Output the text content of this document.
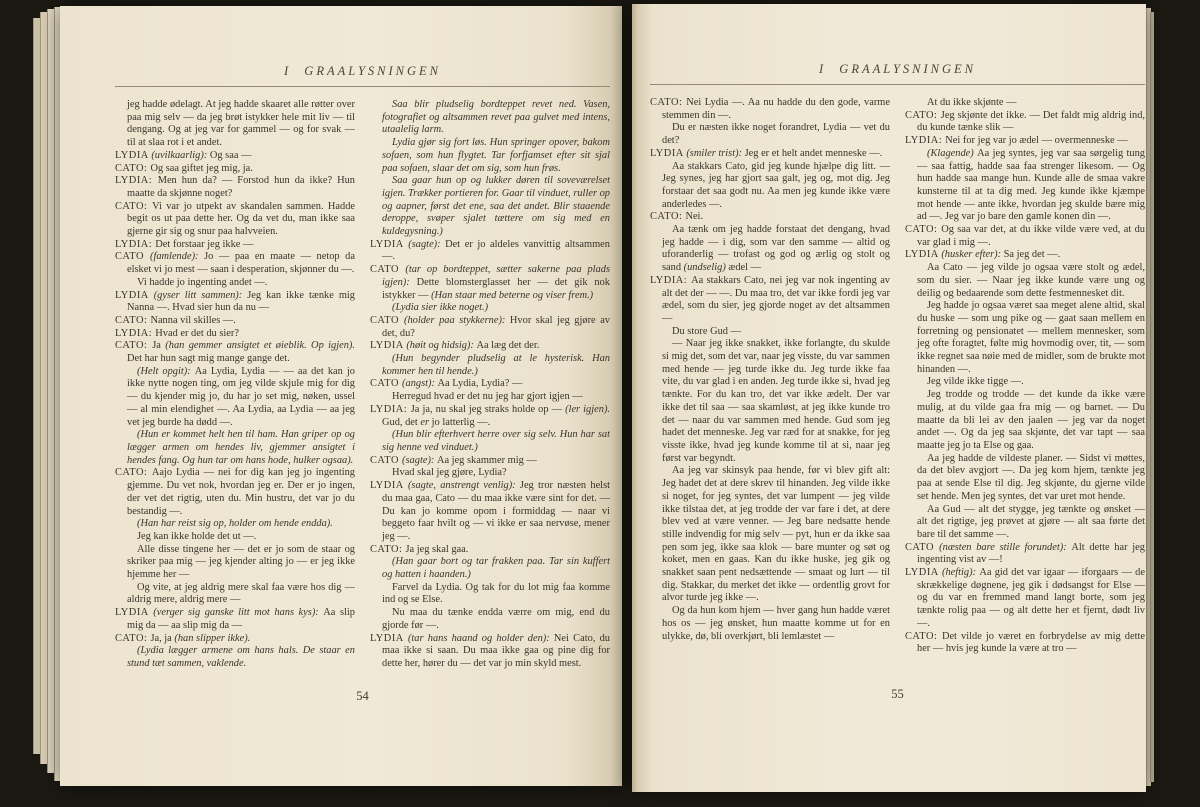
I GRAALYSNINGEN

jeg hadde ødelagt. At jeg hadde skaaret alle røtter over paa mig selv — da jeg brøt istykker hele mit liv — til dengang. Og at jeg var for gammel — og for svak — til at slaa rot i et andet.

LYDIA (uvilkaarlig): Og saa —

CATO: Og saa giftet jeg mig, ja.

LYDIA: Men hun da? — Forstod hun da ikke? Hun maatte da skjønne noget?

CATO: Vi var jo utpekt av skandalen sammen. Hadde begit os ut paa dette her. Og da vet du, man ikke saa gjerne gir sig og snur paa halvveien.

LYDIA: Det forstaar jeg ikke —

CATO (famlende): Jo — paa en maate — netop da elsket vi jo mest — saan i desperation, skjønner du —.

Vi hadde jo ingenting andet —.

LYDIA (gyser litt sammen): Jeg kan ikke tænke mig Nanna —. Hvad sier hun da nu —

CATO: Nanna vil skilles —.

LYDIA: Hvad er det du sier?

CATO: Ja (han gemmer ansigtet et øieblik. Op igjen). Det har hun sagt mig mange gange det.

(Helt opgit): Aa Lydia, Lydia — — aa det kan jo ikke nytte nogen ting, om jeg vilde skjule mig for dig — du kjender mig jo, du har jo set mig, nøken, ussel — al min elendighet —. Aa Lydia, aa Lydia — aa jeg vet jeg burde ha dødd —.

(Hun er kommet helt hen til ham. Han griper op og lægger armen om hendes liv, gjemmer ansigtet i hendes fang. Og hun tar om hans hode, hulker ogsaa).

CATO: Aajo Lydia — nei for dig kan jeg jo ingenting gjemme. Du vet nok, hvordan jeg er. Der er jo ingen, der vet det rigtig, uten du. Min hustru, det var jo du bestandig —.

(Han har reist sig op, holder om hende endda).

Jeg kan ikke holde det ut —.

Alle disse tingene her — det er jo som de staar og skriker paa mig — jeg kjender alting jo — er jeg ikke hjemme her —

Og vite, at jeg aldrig mere skal faa være hos dig — aldrig mere, aldrig mere —

LYDIA (verger sig ganske litt mot hans kys): Aa slip mig da — aa slip mig da —

CATO: Ja, ja (han slipper ikke).

(Lydia lægger armene om hans hals. De staar en stund tæt sammen, vaklende.

Saa blir pludselig bordteppet revet ned. Vasen, fotografiet og altsammen revet paa gulvet med intens, utaalelig larm.

Lydia gjør sig fort løs. Hun springer opover, bakom sofaen, som hun flygtet. Tar forfjamset efter sit sjal paa sofaen, slaar det om sig, som hun frøs.

Saa gaar hun op og lukker døren til soveværelset igjen. Trækker portieren for. Gaar til vinduet, ruller op og aapner, først det ene, saa det andet. Blir staaende deroppe, svøper sjalet tættere om sig med en kuldegysning.)

LYDIA (sagte): Det er jo aldeles vanvittig altsammen —.

CATO (tar op bordteppet, sætter sakerne paa plads igjen): Dette blomsterglasset her — det gik nok istykker — (Han staar med beterne og viser frem.)

(Lydia sier ikke noget.)

CATO (holder paa stykkerne): Hvor skal jeg gjøre av det, du?

LYDIA (høit og hidsig): Aa læg det der.

(Hun begynder pludselig at le hysterisk. Han kommer hen til hende.)

CATO (angst): Aa Lydia, Lydia? —

Herregud hvad er det nu jeg har gjort igjen —

LYDIA: Ja ja, nu skal jeg straks holde op — (ler igjen). Gud, det er jo latterlig —.

(Hun blir efterhvert herre over sig selv. Hun har sat sig henne ved vinduet.)

CATO (sagte): Aa jeg skammer mig —

Hvad skal jeg gjøre, Lydia?

LYDIA (sagte, anstrengt venlig): Jeg tror næsten helst du maa gaa, Cato — du maa ikke være sint for det. — Du kan jo komme opom i formiddag — naar vi beggeto faar hvilt og — vi ikke er saa nervøse, mener jeg —.

CATO: Ja jeg skal gaa.

(Han gaar bort og tar frakken paa. Tar sin kuffert og hatten i haanden.)

Farvel da Lydia. Og tak for du lot mig faa komme ind og se Else.

Nu maa du tænke endda værre om mig, end du gjorde før —.

LYDIA (tar hans haand og holder den): Nei Cato, du maa ikke si saan. Du maa ikke gaa og pine dig for dette her, hører du — det var jo min skyld mest.

54
I GRAALYSNINGEN

CATO: Nei Lydia —. Aa nu hadde du den gode, varme stemmen din —.

Du er næsten ikke noget forandret, Lydia — vet du det?

LYDIA (smiler trist): Jeg er et helt andet menneske —.

Aa stakkars Cato, gid jeg kunde hjælpe dig litt. — Jeg synes, jeg har gjort saa galt, jeg og, mot dig. Jeg forstaar det saa godt nu. Aa men jeg kunde ikke være anderledes —.

CATO: Nei.

Aa tænk om jeg hadde forstaat det dengang, hvad jeg hadde — i dig, som var den samme — altid og uforanderlig — trofast og god og ærlig og stolt og sand (undselig) ædel —

LYDIA: Aa stakkars Cato, nei jeg var nok ingenting av alt det der — —. Du maa tro, det var ikke fordi jeg var ædel, som du sier, jeg gjorde noget av det altsammen —

Du store Gud —

— Naar jeg ikke snakket, ikke forlangte, du skulde si mig det, som det var, naar jeg visste, du var sammen med hende — jeg turde ikke du. Jeg turde ikke faa vite, du var glad i en anden. Jeg turde ikke si, hvad jeg tænkte. For du kan tro, det var ikke ædelt. Der var ikke det til saa — saa skamløst, at jeg ikke kunde tro det — naar du var sammen med hende. Gud som jeg hadet det menneske. Jeg var ræd for at snakke, for jeg visste ikke, hvad jeg kunde komme til at si, naar jeg først var begyndt.

Aa jeg var skinsyk paa hende, før vi blev gift alt: Jeg hadet det at dere skrev til hinanden. Jeg vilde ikke si noget, for jeg syntes, det var lumpent — jeg vilde ikke tilstaa det, at jeg trodde der var fare i det, at dere blev ved at være venner. — Jeg bare nedsatte hende stille indvendig for mig selv — pyt, hun er da ikke saa pen som jeg, ikke saa klok — bare munter og søt og koket, men en gaas. Kan du ikke huske, jeg gik og snakket saan pent nedsættende — smaat og lurt — til dig. Stakkar, du merket det ikke — ordentlig grovt for alvor turde jeg ikke —.

Og da hun kom hjem — hver gang hun hadde været hos os — jeg ønsket, hun maatte komme ut for en ulykke, dø, bli overkjørt, bli lemlæstet —

At du ikke skjønte —

CATO: Jeg skjønte det ikke. — Det faldt mig aldrig ind, du kunde tænke slik —

LYDIA: Nei for jeg var jo ædel — overmenneske —

(Klagende) Aa jeg syntes, jeg var saa sørgelig tung — saa fattig, hadde saa faa strenger likesom. — Og hun hadde saa mange hun. Kunde alle de smaa vakre kunsterne til at ta dig med. Jeg kunde ikke kjæmpe mot hende — ante ikke, hvordan jeg skulde bære mig ad —. Jeg var jo bare den gamle konen din —.

CATO: Og saa var det, at du ikke vilde være ved, at du var glad i mig —.

LYDIA (husker efter): Sa jeg det —.

Aa Cato — jeg vilde jo ogsaa være stolt og ædel, som du sier. — Naar jeg ikke kunde være ung og deilig og bedaarende som dette festmennesket dit.

Jeg hadde jo ogsaa været saa meget alene altid, skal du huske — som ung pike og — gaat saan mellem en forretning og pensionatet — mellem mennesker, som jeg ofte foragtet, følte mig hovmodig over, tit, — som ikke regnet saa nøie med de midler, som de brukte mot hinanden —.

Jeg vilde ikke tigge —.

Jeg trodde og trodde — det kunde da ikke være mulig, at du vilde gaa fra mig — og barnet. — Du maatte da bli lei av den jaalen — jeg var da noget andet —. Og da jeg saa skjønte, det var tapt — saa maatte jeg jo ta Else og gaa.

Aa jeg hadde de vildeste planer. — Sidst vi møttes, da det blev avgjort —. Da jeg kom hjem, tænkte jeg paa at sende Else til dig. Jeg skjønte, du gjerne vilde set hende. Men jeg syntes, det var uret mot hende.

Aa Gud — alt det stygge, jeg tænkte og ønsket — alt det rigtige, jeg prøvet at gjøre — alt saa førte det bare til det samme —.

CATO (næsten bare stille forundet): Alt dette har jeg ingenting vist av —!

LYDIA (heftig): Aa gid det var igaar — iforgaars — de skrækkelige døgnene, jeg gik i dødsangst for Else — og du var en fremmed mand langt borte, som jeg tænkte rolig paa — og alt dette her et fjernt, dødt liv —.

CATO: Det vilde jo været en forbrydelse av mig dette her — hvis jeg kunde la være at tro —

55
